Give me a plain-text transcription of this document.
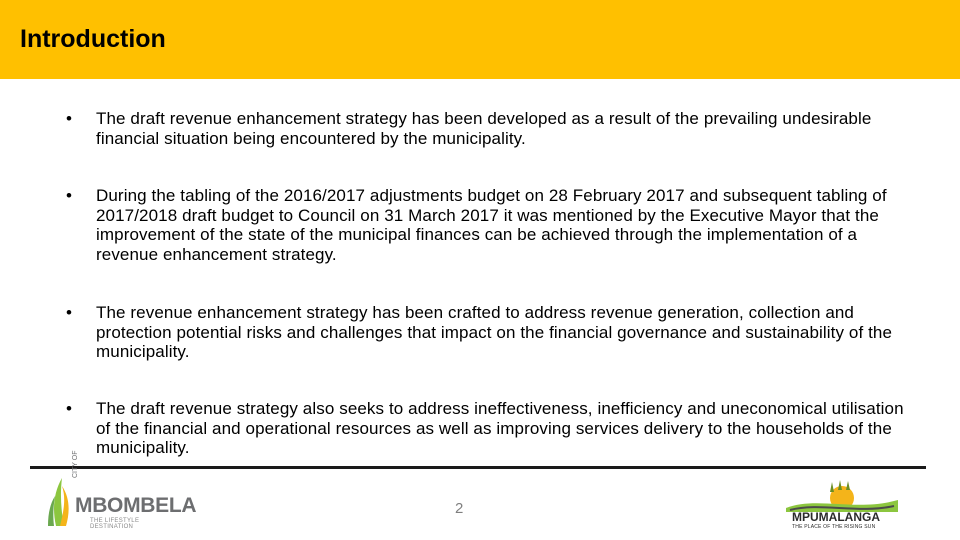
Introduction
• The draft revenue enhancement strategy has been developed as a result of the prevailing undesirable financial situation being encountered by the municipality.
• During the tabling of the 2016/2017 adjustments budget on 28 February 2017 and subsequent tabling of 2017/2018 draft budget to Council on 31 March 2017 it was mentioned by the Executive Mayor that the improvement of the state of the municipal finances can be achieved through the implementation of a revenue enhancement strategy.
• The revenue enhancement strategy has been crafted to address revenue generation, collection and protection potential risks and challenges that impact on the financial governance and sustainability of the municipality.
• The draft revenue strategy also seeks to address ineffectiveness, inefficiency and uneconomical utilisation of the financial and operational resources as well as improving services delivery to the households of the municipality.
CITY OF
MBOMBELA
THE LIFESTYLE DESTINATION
2	MPUMALANGA
THE PLACE OF THE RISING SUN
